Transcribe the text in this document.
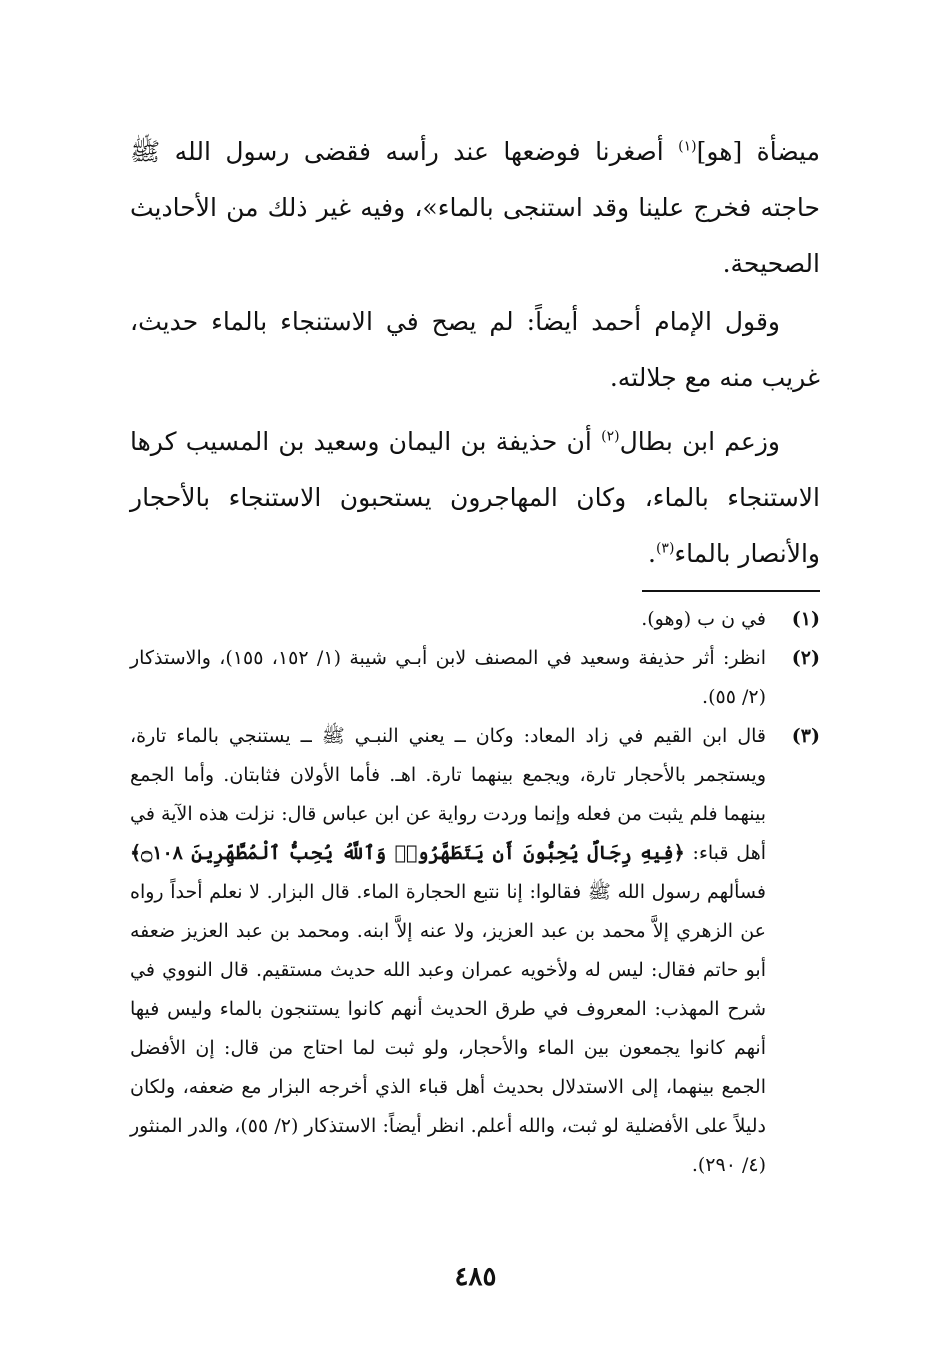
ميضأة [هو]$^{(١)}$ أصغرنا فوضعها عند رأسه فقضى رسول الله ﷺ حاجته فخرج علينا وقد استنجى بالماء»، وفيه غير ذلك من الأحاديث الصحيحة.

وقول الإمام أحمد أيضاً: لم يصح في الاستنجاء بالماء حديث، غريب منه مع جلالته.

وزعم ابن بطال$^{(٢)}$ أن حذيفة بن اليمان وسعيد بن المسيب كرها الاستنجاء بالماء، وكان المهاجرون يستحبون الاستنجاء بالأحجار والأنصار بالماء$^{(٣)}$.

(١)
في ن ب (وهو).
(٢)
انظر: أثر حذيفة وسعيد في المصنف لابن أبـي شيبة (١/ ١٥٢، ١٥٥)، والاستذكار (٢/ ٥٥).
(٣)
قال ابن القيم في زاد المعاد: وكان ــ يعني النبـي ﷺ ــ يستنجي بالماء تارة، ويستجمر بالأحجار تارة، ويجمع بينهما تارة. اهـ. فأما الأولان فثابتان. وأما الجمع بينهما فلم يثبت من فعله وإنما وردت رواية عن ابن عباس قال: نزلت هذه الآية في أهل قباء: ﴿فِيهِ رِجَالٌ يُحِبُّونَ أَن يَتَطَهَّرُوا۟ وَٱللَّهُ يُحِبُّ ٱلْمُطَّهِّرِينَ ۝١٠٨﴾ فسألهم رسول الله ﷺ فقالوا: إنا نتبع الحجارة الماء. قال البزار. لا نعلم أحداً رواه عن الزهري إلاَّ محمد بن عبد العزيز، ولا عنه إلاَّ ابنه. ومحمد بن عبد العزيز ضعفه أبو حاتم فقال: ليس له ولأخويه عمران وعبد الله حديث مستقيم. قال النووي في شرح المهذب: المعروف في طرق الحديث أنهم كانوا يستنجون بالماء وليس فيها أنهم كانوا يجمعون بين الماء والأحجار، ولو ثبت لما احتاج من قال: إن الأفضل الجمع بينهما، إلى الاستدلال بحديث أهل قباء الذي أخرجه البزار مع ضعفه، ولكان دليلاً على الأفضلية لو ثبت، والله أعلم. انظر أيضاً: الاستذكار (٢/ ٥٥)، والدر المنثور (٤/ ٢٩٠).
٤٨٥
